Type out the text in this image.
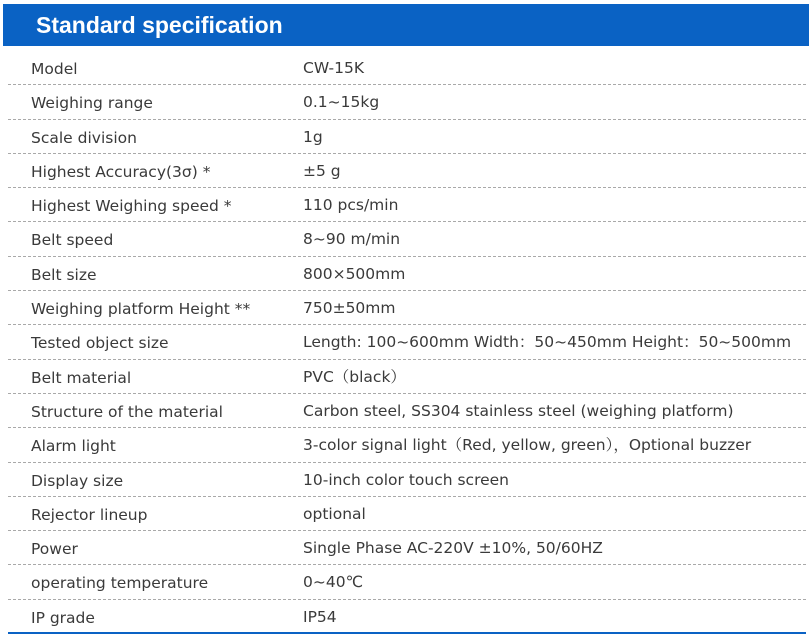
Standard specification
Model	CW-15K
Weighing range	0.1~15kg
Scale division	1g
Highest Accuracy(3σ) *	±5 g
Highest Weighing speed *	110 pcs/min
Belt speed	8~90 m/min
Belt size	800×500mm
Weighing platform Height **	750±50mm
Tested object size	Length: 100~600mm Width：50~450mm Height：50~500mm
Belt material	PVC（black）
Structure of the material	Carbon steel, SS304 stainless steel (weighing platform)
Alarm light	3-color signal light（Red, yellow, green），Optional buzzer
Display size	10-inch color touch screen
Rejector lineup	optional
Power	Single Phase AC-220V ±10%, 50/60HZ
operating temperature	0~40℃
IP grade	IP54
